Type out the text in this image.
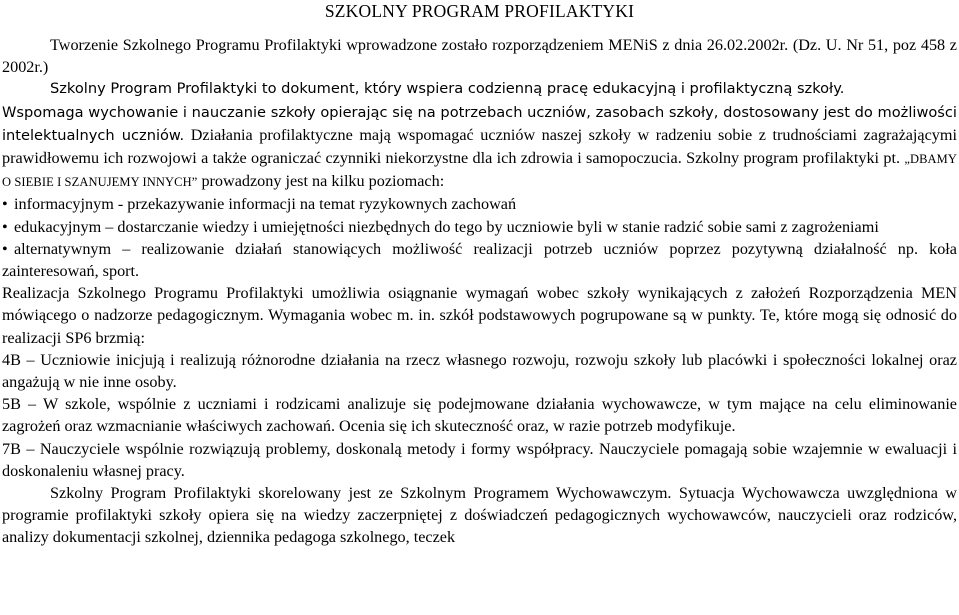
SZKOLNY PROGRAM PROFILAKTYKI

Tworzenie Szkolnego Programu Profilaktyki wprowadzone zostało rozporządzeniem MENiS z dnia 26.02.2002r. (Dz. U. Nr 51, poz 458 z 2002r.)

Szkolny Program Profilaktyki to dokument, który wspiera codzienną pracę edukacyjną i profilaktyczną szkoły.

Wspomaga wychowanie i nauczanie szkoły opierając się na potrzebach uczniów, zasobach szkoły, dostosowany jest do możliwości intelektualnych uczniów. Działania profilaktyczne mają wspomagać uczniów naszej szkoły w radzeniu sobie z trudnościami zagrażającymi prawidłowemu ich rozwojowi a także ograniczać czynniki niekorzystne dla ich zdrowia i samopoczucia. Szkolny program profilaktyki pt. „DBAMY O SIEBIE I SZANUJEMY INNYCH” prowadzony jest na kilku poziomach:

• informacyjnym - przekazywanie informacji na temat ryzykownych zachowań

• edukacyjnym – dostarczanie wiedzy i umiejętności niezbędnych do tego by uczniowie byli w stanie radzić sobie sami z zagrożeniami

• alternatywnym – realizowanie działań stanowiących możliwość realizacji potrzeb uczniów poprzez pozytywną działalność np. koła zainteresowań, sport.

Realizacja Szkolnego Programu Profilaktyki umożliwia osiągnanie wymagań wobec szkoły wynikających z założeń Rozporządzenia MEN mówiącego o nadzorze pedagogicznym. Wymagania wobec m. in. szkół podstawowych pogrupowane są w punkty. Te, które mogą się odnosić do realizacji SP6 brzmią:

4B – Uczniowie inicjują i realizują różnorodne działania na rzecz własnego rozwoju, rozwoju szkoły lub placówki i społeczności lokalnej oraz angażują w nie inne osoby.

5B – W szkole, wspólnie z uczniami i rodzicami analizuje się podejmowane działania wychowawcze, w tym mające na celu eliminowanie zagrożeń oraz wzmacnianie właściwych zachowań. Ocenia się ich skuteczność oraz, w razie potrzeb modyfikuje.

7B – Nauczyciele wspólnie rozwiązują problemy, doskonalą metody i formy współpracy. Nauczyciele pomagają sobie wzajemnie w ewaluacji i doskonaleniu własnej pracy.

Szkolny Program Profilaktyki skorelowany jest ze Szkolnym Programem Wychowawczym. Sytuacja Wychowawcza uwzględniona w programie profilaktyki szkoły opiera się na wiedzy zaczerpniętej z doświadczeń pedagogicznych wychowawców, nauczycieli oraz rodziców, analizy dokumentacji szkolnej, dziennika pedagoga szkolnego, teczek
